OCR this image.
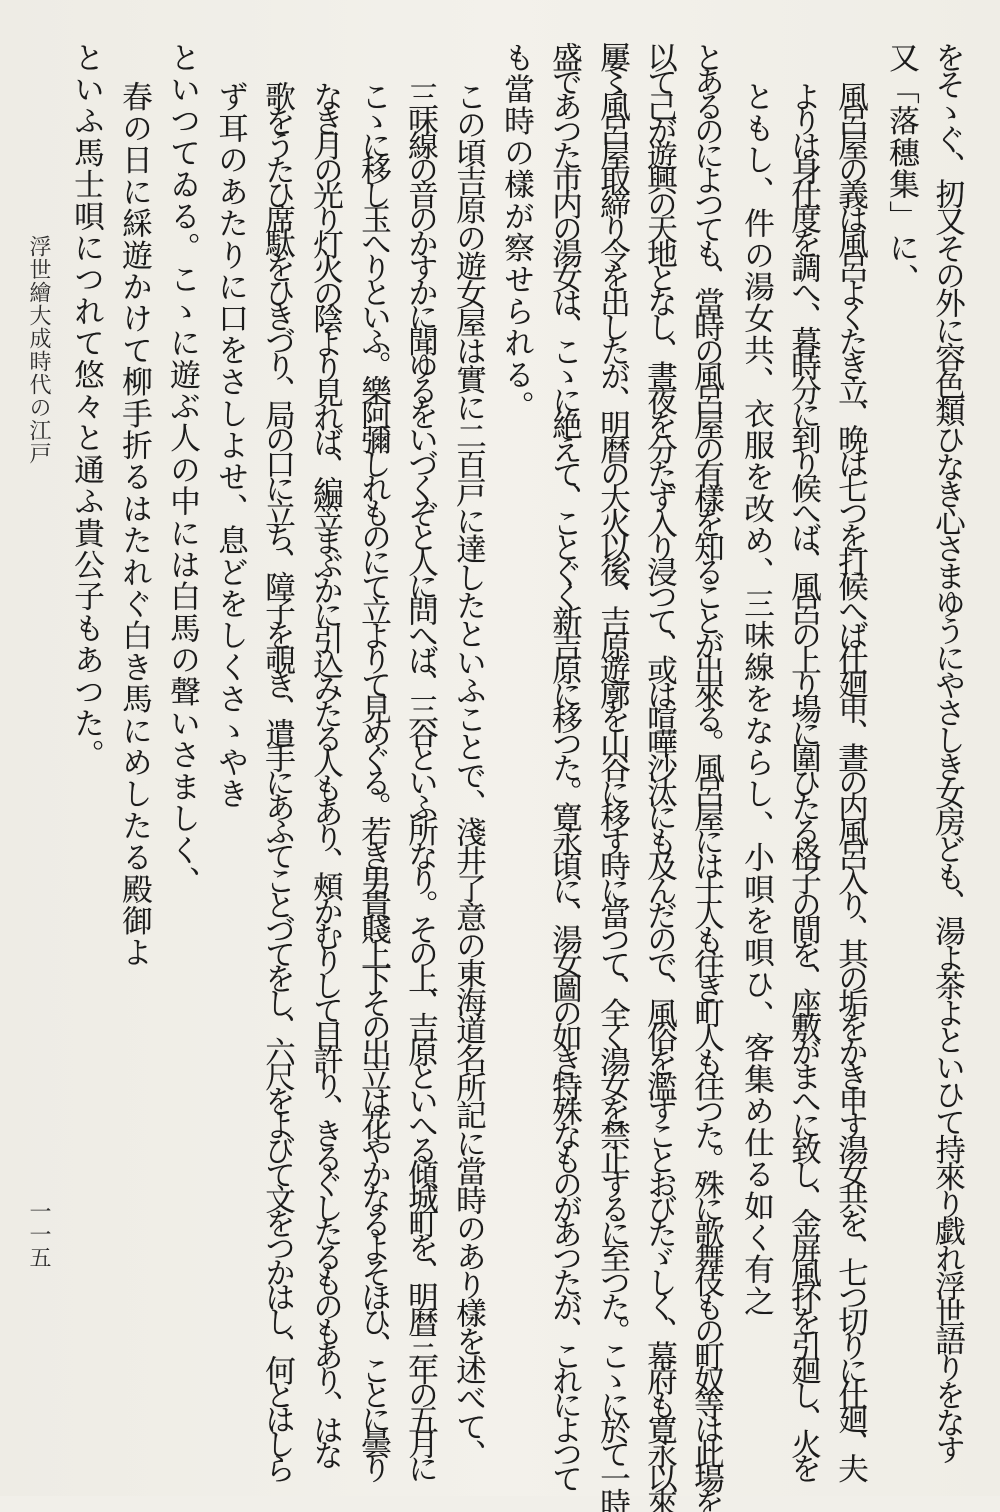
をそゝぐ、扨又その外に容色類ひなき心さまゆうにやさしき女房ども、湯よ茶よといひて持來り戯れ浮世語りをなす
又「落穗集」に、
風呂屋の義は風呂よくたき立、晩は七つを打候へば仕廻申、晝の内風呂入り、其の垢をかき申す湯女共を、七つ切りに仕廻、夫
よりは身仕度を調へ、暮時分に到り候へば、風呂の上り場に圍ひたる格子の間を、座敷がまへに致し、金屏風抔を引廻し、火を
ともし、件の湯女共、衣服を改め、三味線をならし、小唄を唄ひ、客集め仕る如く有之
とあるのによつても、當時の風呂屋の有樣を知ることが出來る。風呂屋には士人も往き町人も往つた。殊に歌舞伎もの町奴等は此場を
以て己が遊興の天地となし、晝夜を分たず入り浸つて、或は喧嘩沙汰にも及んだので、風俗を濫すことおびたゞしく、幕府も寛永以來
屢〻風呂屋取締り令を出したが、明暦の大火以後、吉原遊廓を山谷に移す時に當つて、全く湯女を禁止するに至つた。こゝに於て一時
盛であつた市内の湯女は、こゝに絶えて、ことぐく新吉原に移つた。寛永頃に、湯女圖の如き特殊なものがあつたが、これによつて
も當時の樣が察せられる。
この頃吉原の遊女屋は實に二百戸に達したといふことで、淺井了意の東海道名所記に當時のあり樣を述べて、
三味線の音のかすかに聞ゆるをいづくぞと人に問へば、三谷といふ所なり。その上、吉原といへる傾城町を、明暦三年の五月に
こゝに移し玉へりといふ。樂阿彌しれものにて立よりて見めぐる。若き男貴賤上下その出立は花やかなるよそほひ、ことに曇り
なき月の光り灯火の陰より見れば、編笠まぶかに引込みたる人もあり、頰かむりして目許り、きるぐしたるものもあり、はな
歌をうたひ席駄をひきづり、局の口に立ち、障子を覗き、遣手にあふてことづてをし、六尺をよびて文をつかはし、何とはしら
ず耳のあたりに口をさしよせ、息どをしくさゝやき
といつてゐる。こゝに遊ぶ人の中には白馬の聲いさましく、
春の日に綵遊かけて柳手折るはたれぐ白き馬にめしたる殿御よ
といふ馬士唄につれて悠々と通ふ貴公子もあつた。
浮世繪大成時代の江戸
一一五
